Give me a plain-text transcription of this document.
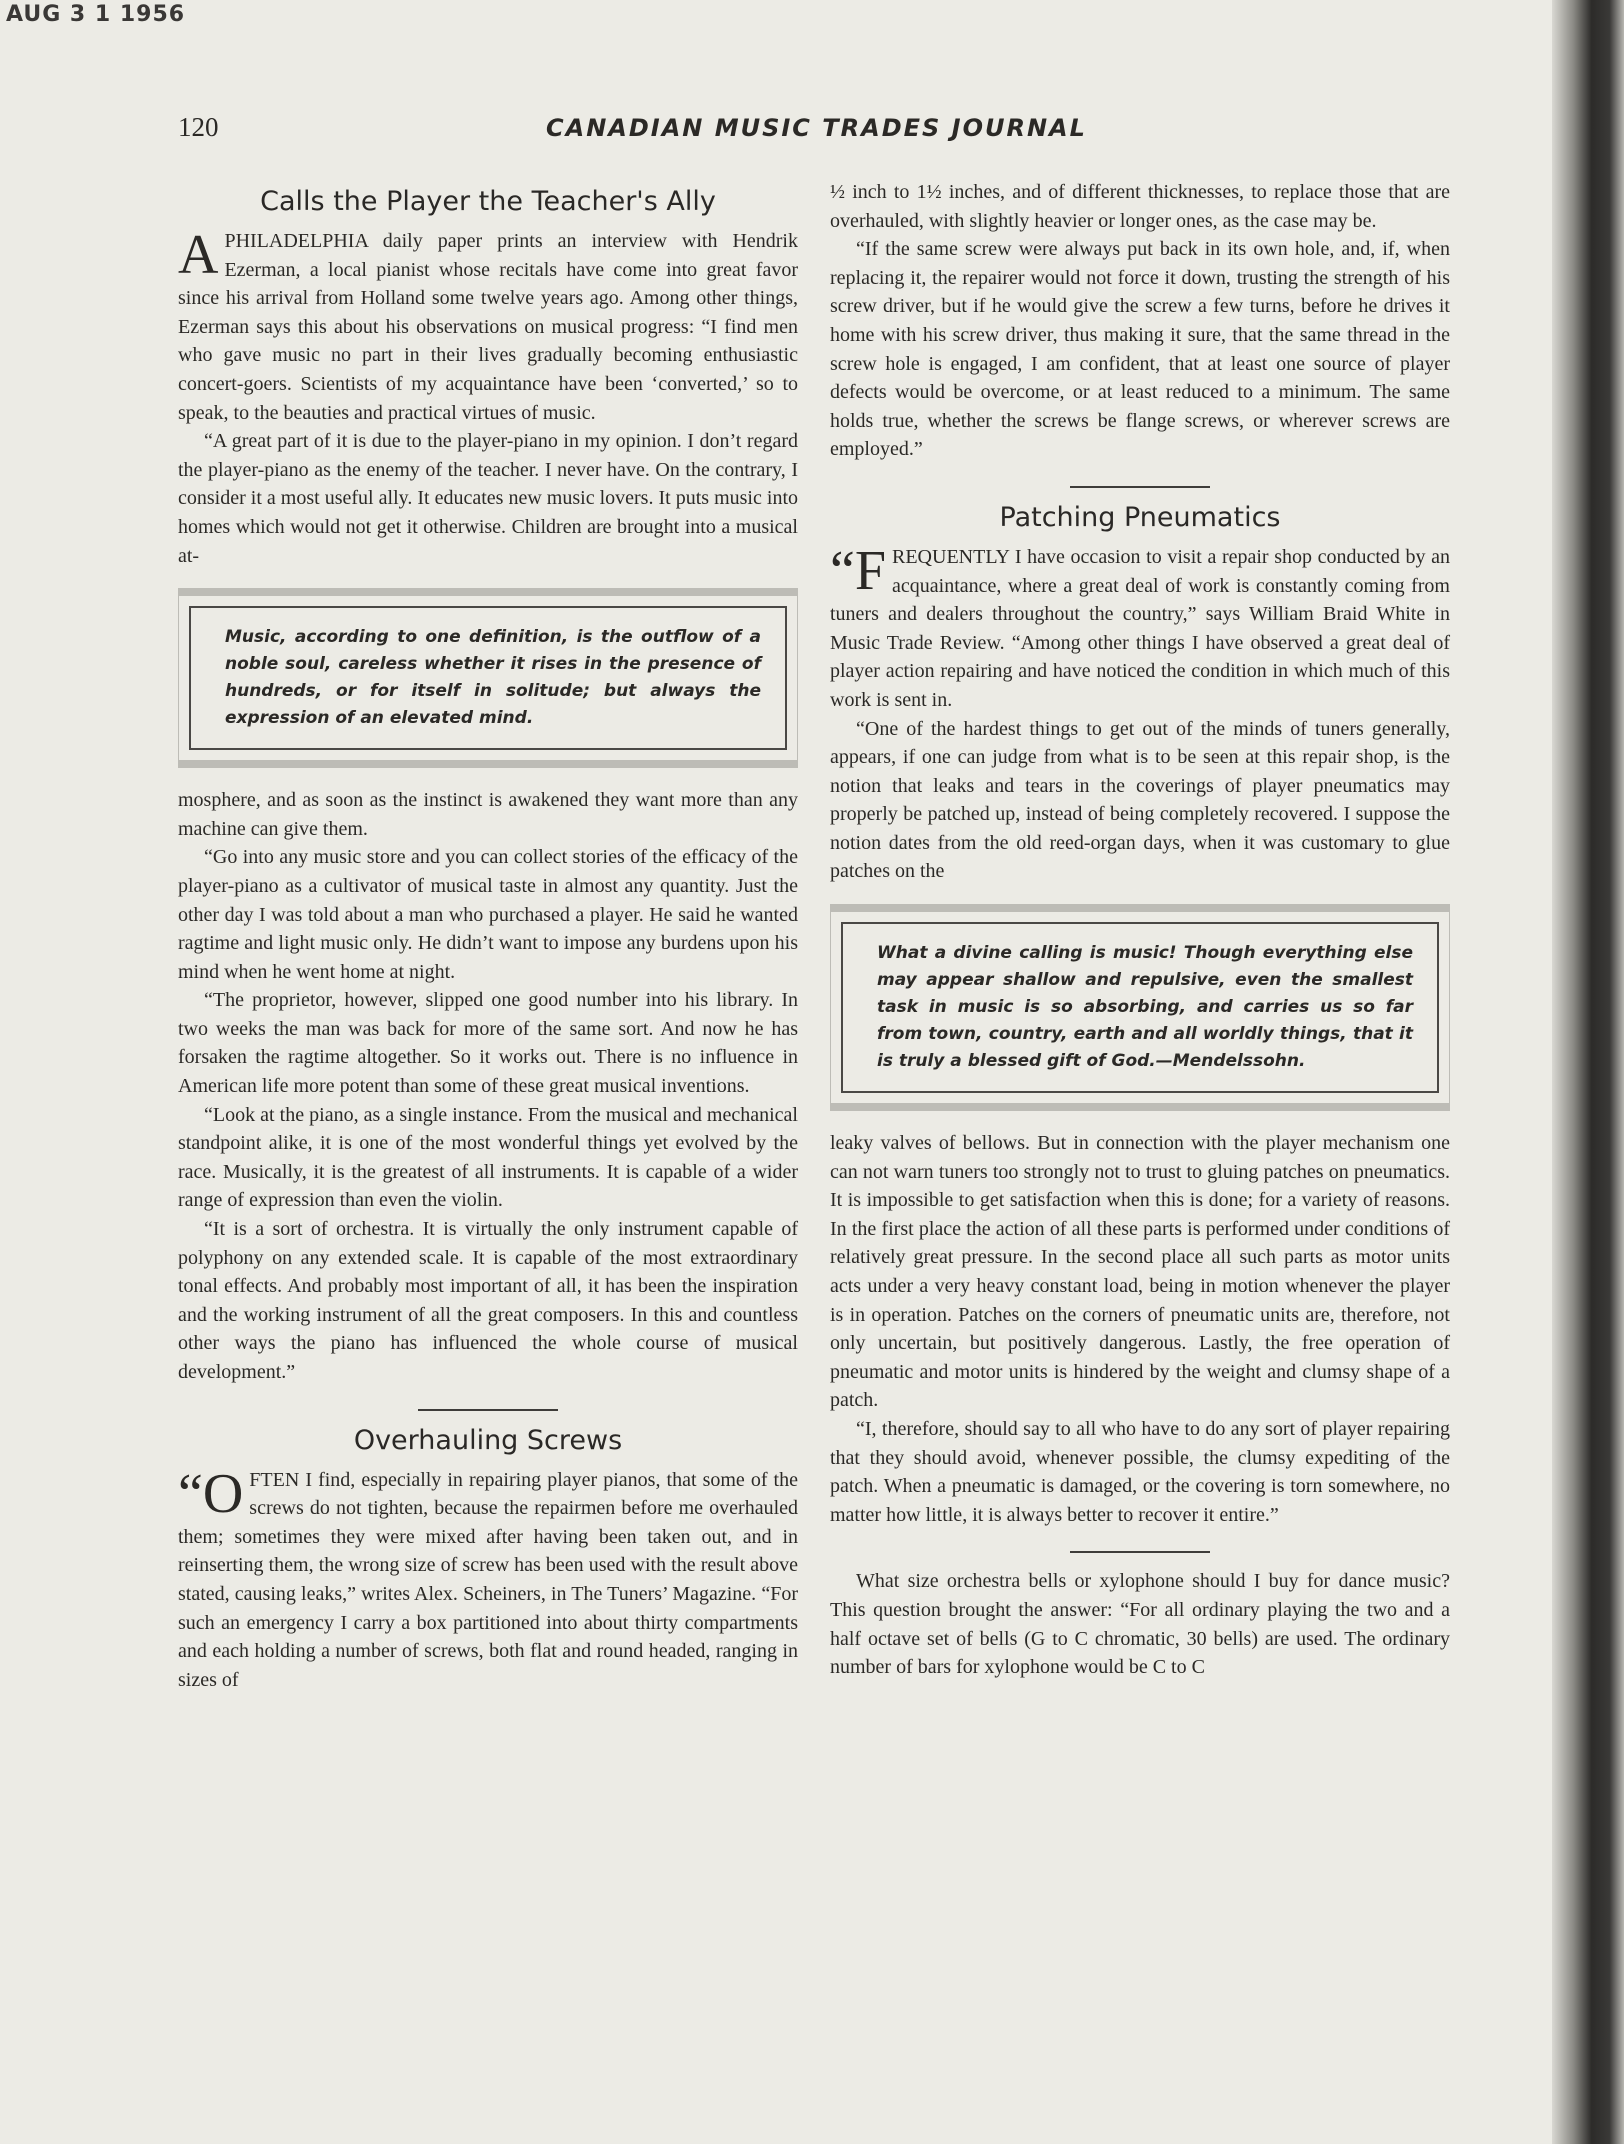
AUG 3 1 1956
120	CANADIAN MUSIC TRADES JOURNAL
Calls the Player the Teacher's Ally

APHILADELPHIA daily paper prints an interview with Hendrik Ezerman, a local pianist whose recitals have come into great favor since his arrival from Holland some twelve years ago. Among other things, Ezerman says this about his observations on musical progress: “I find men who gave music no part in their lives gradually becoming enthusiastic concert-goers. Scientists of my acquaintance have been ‘converted,’ so to speak, to the beauties and practical virtues of music.

“A great part of it is due to the player-piano in my opinion. I don’t regard the player-piano as the enemy of the teacher. I never have. On the contrary, I consider it a most useful ally. It educates new music lovers. It puts music into homes which would not get it otherwise. Children are brought into a musical at-

Music, according to one definition, is the outflow of a noble soul, careless whether it rises in the presence of hundreds, or for itself in solitude; but always the expression of an elevated mind.

mosphere, and as soon as the instinct is awakened they want more than any machine can give them.

“Go into any music store and you can collect stories of the efficacy of the player-piano as a cultivator of musical taste in almost any quantity. Just the other day I was told about a man who purchased a player. He said he wanted ragtime and light music only. He didn’t want to impose any burdens upon his mind when he went home at night.

“The proprietor, however, slipped one good number into his library. In two weeks the man was back for more of the same sort. And now he has forsaken the ragtime altogether. So it works out. There is no influence in American life more potent than some of these great musical inventions.

“Look at the piano, as a single instance. From the musical and mechanical standpoint alike, it is one of the most wonderful things yet evolved by the race. Musically, it is the greatest of all instruments. It is capable of a wider range of expression than even the violin.

“It is a sort of orchestra. It is virtually the only instrument capable of polyphony on any extended scale. It is capable of the most extraordinary tonal effects. And probably most important of all, it has been the inspiration and the working instrument of all the great composers. In this and countless other ways the piano has influenced the whole course of musical development.”

Overhauling Screws

“OFTEN I find, especially in repairing player pianos, that some of the screws do not tighten, because the repairmen before me overhauled them; sometimes they were mixed after having been taken out, and in reinserting them, the wrong size of screw has been used with the result above stated, causing leaks,” writes Alex. Scheiners, in The Tuners’ Magazine. “For such an emergency I carry a box partitioned into about thirty compartments and each holding a number of screws, both flat and round headed, ranging in sizes of

½ inch to 1½ inches, and of different thicknesses, to replace those that are overhauled, with slightly heavier or longer ones, as the case may be.

“If the same screw were always put back in its own hole, and, if, when replacing it, the repairer would not force it down, trusting the strength of his screw driver, but if he would give the screw a few turns, before he drives it home with his screw driver, thus making it sure, that the same thread in the screw hole is engaged, I am confident, that at least one source of player defects would be overcome, or at least reduced to a minimum. The same holds true, whether the screws be flange screws, or wherever screws are employed.”

Patching Pneumatics

“FREQUENTLY I have occasion to visit a repair shop conducted by an acquaintance, where a great deal of work is constantly coming from tuners and dealers throughout the country,” says William Braid White in Music Trade Review. “Among other things I have observed a great deal of player action repairing and have noticed the condition in which much of this work is sent in.

“One of the hardest things to get out of the minds of tuners generally, appears, if one can judge from what is to be seen at this repair shop, is the notion that leaks and tears in the coverings of player pneumatics may properly be patched up, instead of being completely recovered. I suppose the notion dates from the old reed-organ days, when it was customary to glue patches on the

What a divine calling is music! Though everything else may appear shallow and repulsive, even the smallest task in music is so absorbing, and carries us so far from town, country, earth and all worldly things, that it is truly a blessed gift of God.—Mendelssohn.

leaky valves of bellows. But in connection with the player mechanism one can not warn tuners too strongly not to trust to gluing patches on pneumatics. It is impossible to get satisfaction when this is done; for a variety of reasons. In the first place the action of all these parts is performed under conditions of relatively great pressure. In the second place all such parts as motor units acts under a very heavy constant load, being in motion whenever the player is in operation. Patches on the corners of pneumatic units are, therefore, not only uncertain, but positively dangerous. Lastly, the free operation of pneumatic and motor units is hindered by the weight and clumsy shape of a patch.

“I, therefore, should say to all who have to do any sort of player repairing that they should avoid, whenever possible, the clumsy expediting of the patch. When a pneumatic is damaged, or the covering is torn somewhere, no matter how little, it is always better to recover it entire.”

What size orchestra bells or xylophone should I buy for dance music? This question brought the answer: “For all ordinary playing the two and a half octave set of bells (G to C chromatic, 30 bells) are used. The ordinary number of bars for xylophone would be C to C
